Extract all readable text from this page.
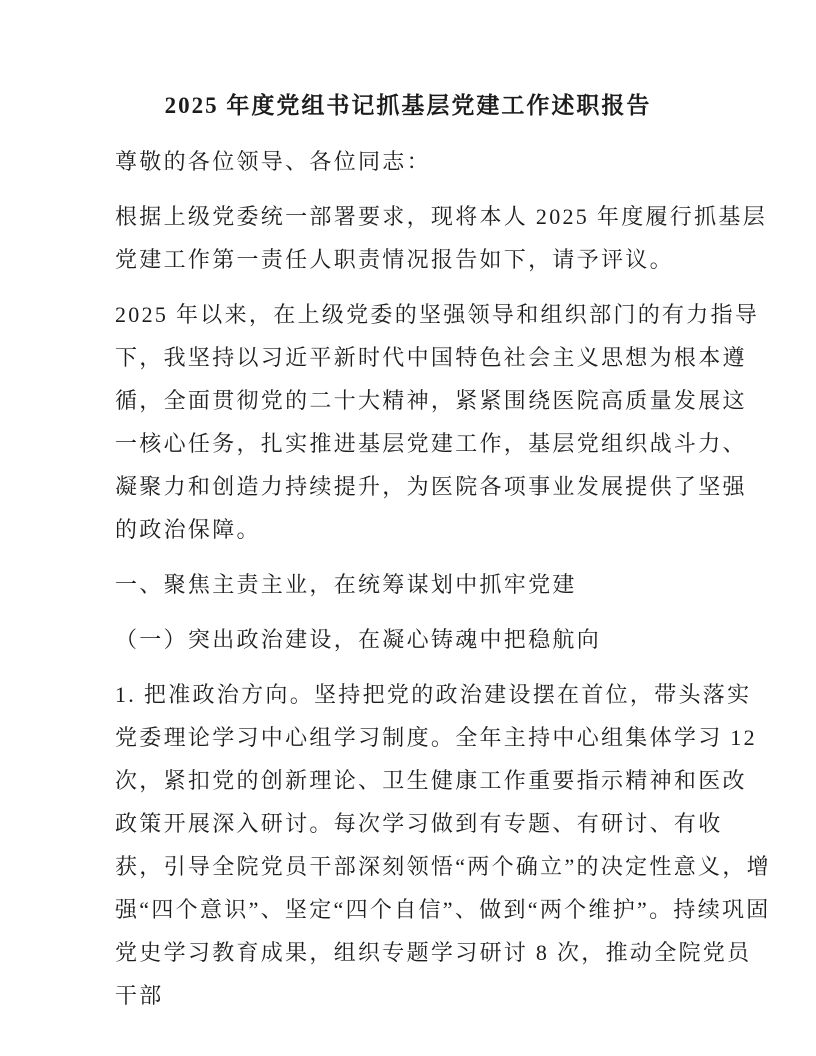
2025 年度党组书记抓基层党建工作述职报告

尊敬的各位领导、各位同志：

根据上级党委统一部署要求，现将本人 2025 年度履行抓基层党建工作第一责任人职责情况报告如下，请予评议。

2025 年以来，在上级党委的坚强领导和组织部门的有力指导下，我坚持以习近平新时代中国特色社会主义思想为根本遵循，全面贯彻党的二十大精神，紧紧围绕医院高质量发展这一核心任务，扎实推进基层党建工作，基层党组织战斗力、凝聚力和创造力持续提升，为医院各项事业发展提供了坚强的政治保障。

一、聚焦主责主业，在统筹谋划中抓牢党建

（一）突出政治建设，在凝心铸魂中把稳航向

1. 把准政治方向。坚持把党的政治建设摆在首位，带头落实党委理论学习中心组学习制度。全年主持中心组集体学习 12 次，紧扣党的创新理论、卫生健康工作重要指示精神和医改政策开展深入研讨。每次学习做到有专题、有研讨、有收获，引导全院党员干部深刻领悟“两个确立”的决定性意义，增强“四个意识”、坚定“四个自信”、做到“两个维护”。持续巩固党史学习教育成果，组织专题学习研讨 8 次，推动全院党员干部
